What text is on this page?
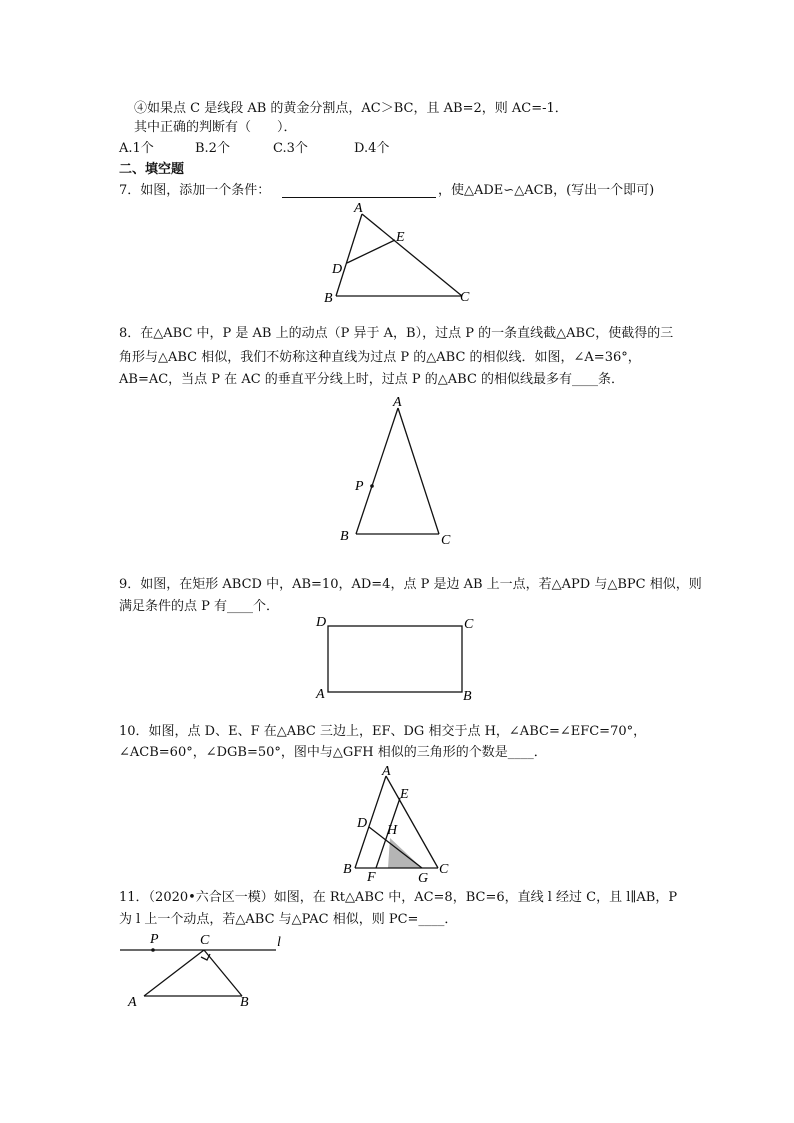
④如果点 C 是线段 AB 的黄金分割点，AC＞BC，且 AB=2，则 AC=-1．
其中正确的判断有（　　）．
A.1个	B.2个	C.3个	D.4个
二、填空题
7．如图，添加一个条件：	，使△ADE∽△ACB，(写出一个即可)
A
E
D
B	C
8．在△ABC 中，P 是 AB 上的动点（P 异于 A，B），过点 P 的一条直线截△ABC，使截得的三
角形与△ABC 相似，我们不妨称这种直线为过点 P 的△ABC 的相似线．如图，∠A=36°，
AB=AC，当点 P 在 AC 的垂直平分线上时，过点 P 的△ABC 的相似线最多有____条．
A
P
B	C
9．如图，在矩形 ABCD 中，AB=10，AD=4，点 P 是边 AB 上一点，若△APD 与△BPC 相似，则
满足条件的点 P 有____个．
D	C
A	B
10．如图，点 D、E、F 在△ABC 三边上，EF、DG 相交于点 H，∠ABC=∠EFC=70°，
∠ACB=60°，∠DGB=50°，图中与△GFH 相似的三角形的个数是____．
A
E
D H
B
F	G
C
11．（2020•六合区一模）如图，在 Rt△ABC 中，AC=8，BC=6，直线 l 经过 C，且 l∥AB，P
为 l 上一个动点，若△ABC 与△PAC 相似，则 PC=____．
P	C	l
A	B
